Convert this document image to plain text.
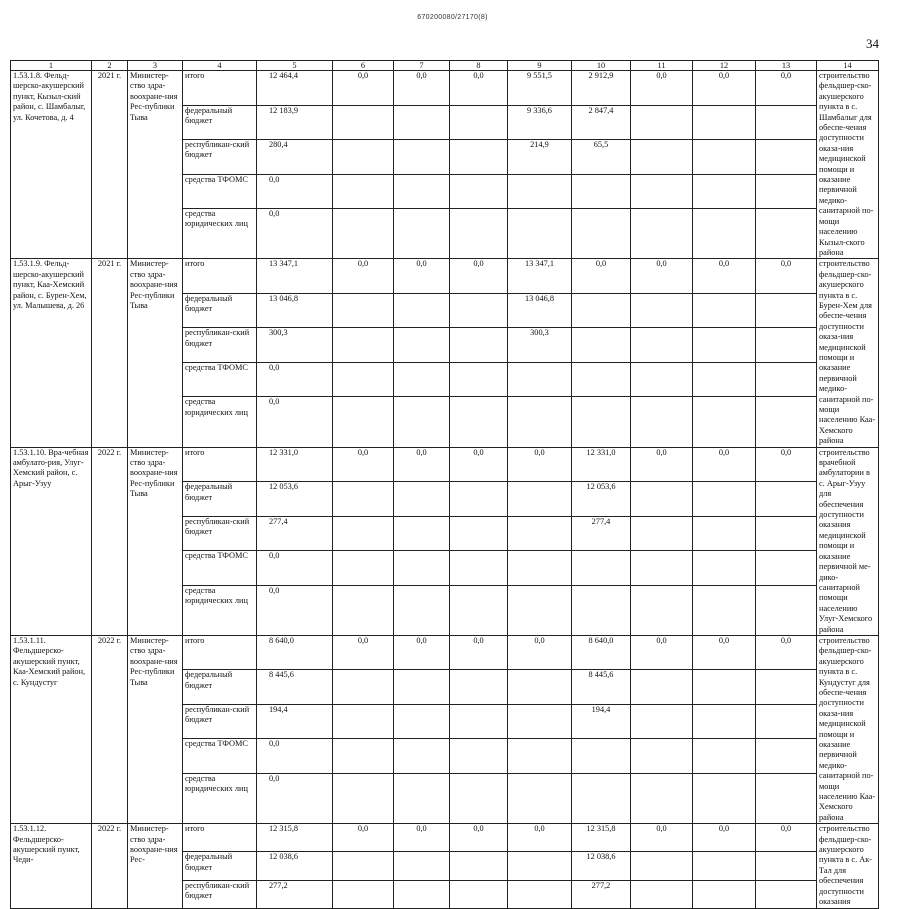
670200080/27170(8)
34
1	2	3	4	5	6	7	8	9	10	11	12	13	14
1.53.1.8. Фельд-шерско-акушерский пункт, Кызыл-ский район, с. Шамбалыг, ул. Кочетова, д. 4	2021 г.	Министер-ство здра-воохране-ния Рес-публики Тыва	итого	12 464,4	0,0	0,0	0,0	9 551,5	2 912,9	0,0	0,0	0,0	строительство фельдшер-ско-акушерского пункта в с. Шамбалыг для обеспе-чения доступности оказа-ния медицинской помощи и оказание первичной медико-санитарной по-мощи населению Кызыл-ского района
			федеральный бюджет	12 183,9				9 336,6	2 847,4				
			республикан-ский бюджет	280,4				214,9	65,5				
			средства ТФОМС	0,0									
			средства юридических лиц	0,0									
1.53.1.9. Фельд-шерско-акушерский пункт, Каа-Хемский район, с. Бурен-Хем, ул. Малышева, д. 26	2021 г.	Министер-ство здра-воохране-ния Рес-публики Тыва	итого	13 347,1	0,0	0,0	0,0	13 347,1	0,0	0,0	0,0	0,0	строительство фельдшер-ско-акушерского пункта в с. Бурен-Хем для обеспе-чения доступности оказа-ния медицинской помощи и оказание первичной медико-санитарной по-мощи населению Каа-Хемского района
			федеральный бюджет	13 046,8				13 046,8					
			республикан-ский бюджет	300,3				300,3					
			средства ТФОМС	0,0									
			средства юридических лиц	0,0									
1.53.1.10. Вра-чебная амбулато-рия, Улуг-Хемский район, с. Арыг-Узуу	2022 г.	Министер-ство здра-воохране-ния Рес-публики Тыва	итого	12 331,0	0,0	0,0	0,0	0,0	12 331,0	0,0	0,0	0,0	строительство врачебной амбулатории в с. Арыг-Узуу для обеспечения доступности оказания медицинской помощи и оказание первичной ме-дико-санитарной помощи населению Улуг-Хемского района
			федеральный бюджет	12 053,6					12 053,6				
			республикан-ский бюджет	277,4					277,4				
			средства ТФОМС	0,0									
			средства юридических лиц	0,0									
1.53.1.11. Фельдшерско-акушерский пункт, Каа-Хемский район, с. Кундустуг	2022 г.	Министер-ство здра-воохране-ния Рес-публики Тыва	итого	8 640,0	0,0	0,0	0,0	0,0	8 640,0	0,0	0,0	0,0	строительство фельдшер-ско-акушерского пункта в с. Кундустуг для обеспе-чения доступности оказа-ния медицинской помощи и оказание первичной медико-санитарной по-мощи населению Каа-Хемского района
			федеральный бюджет	8 445,6					8 445,6				
			республикан-ский бюджет	194,4					194,4				
			средства ТФОМС	0,0									
			средства юридических лиц	0,0									
1.53.1.12. Фельдшерско-акушерский пункт, Чеди-	2022 г.	Министер-ство здра-воохране-ния Рес-	итого	12 315,8	0,0	0,0	0,0	0,0	12 315,8	0,0	0,0	0,0	строительство фельдшер-ско-акушерского пункта в с. Ак-Тал для обеспечения доступности оказания
			федеральный бюджет	12 038,6					12 038,6				
			республикан-ский бюджет	277,2					277,2				
